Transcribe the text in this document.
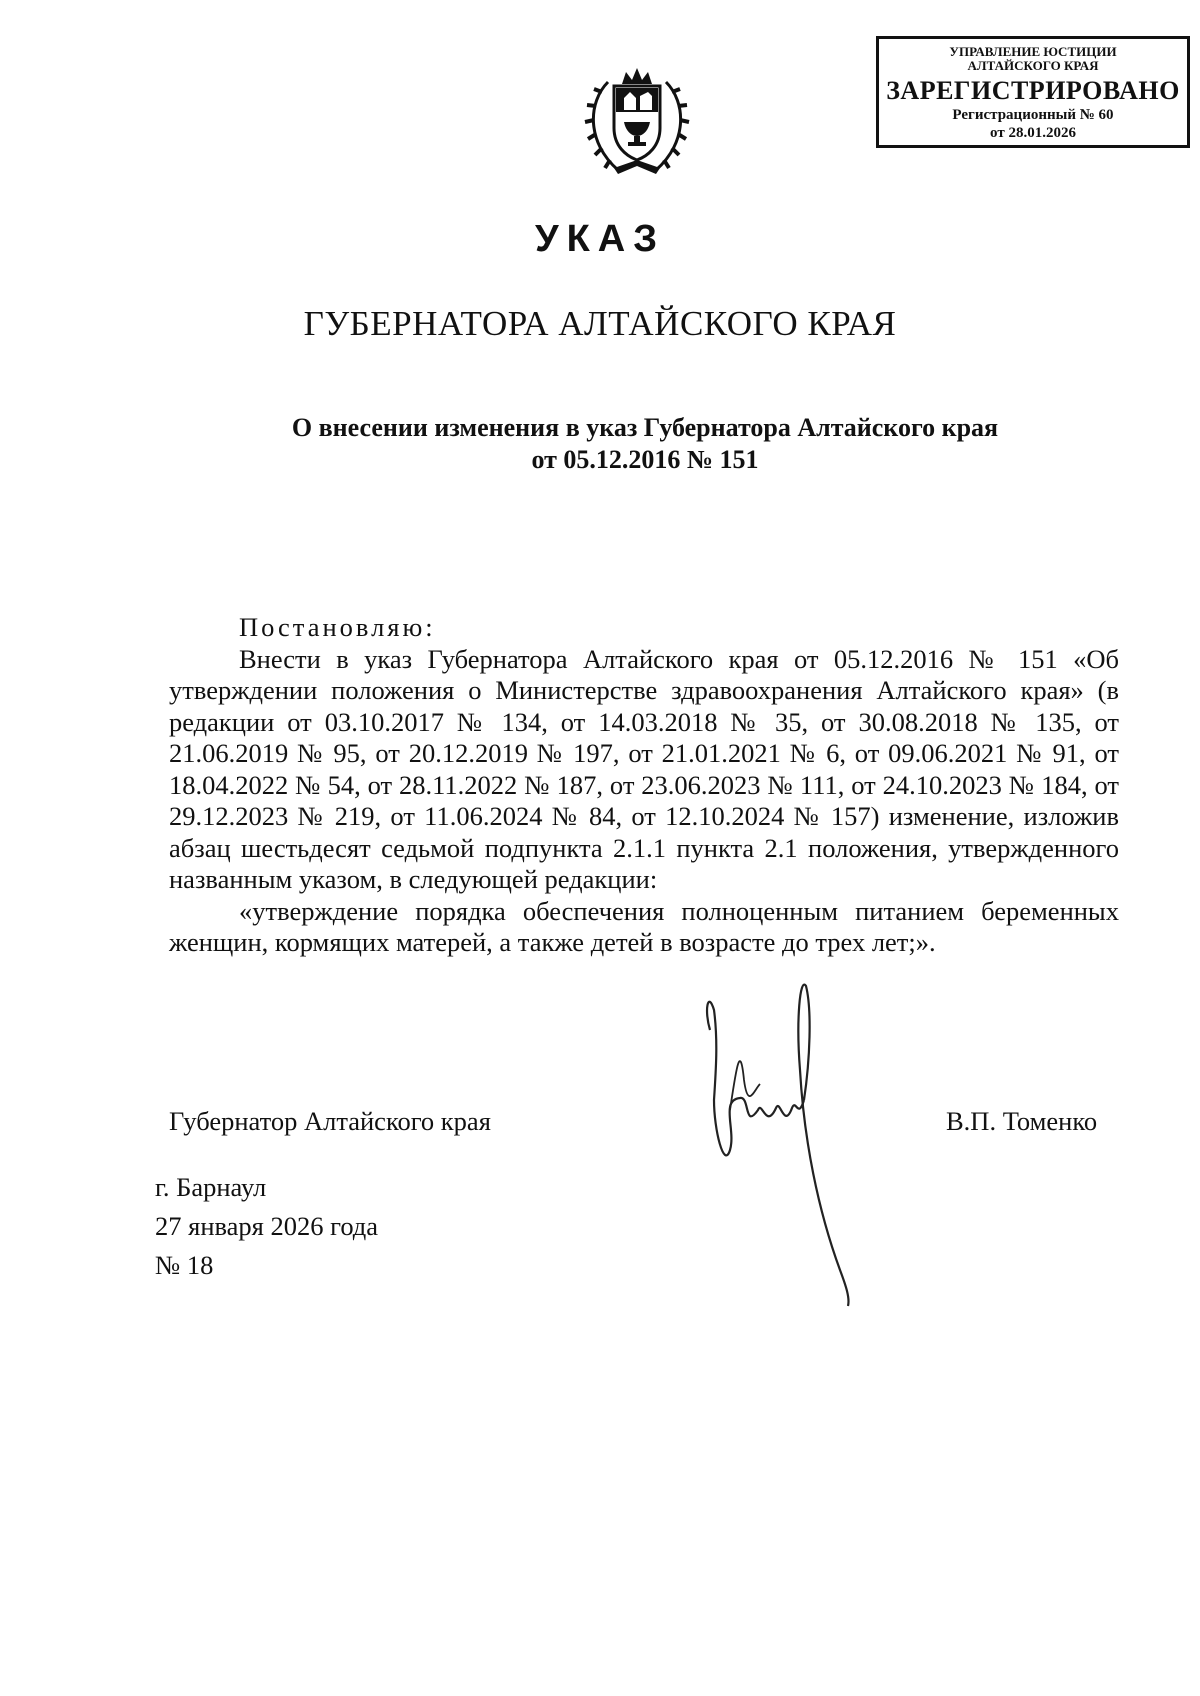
УПРАВЛЕНИЕ ЮСТИЦИИ
АЛТАЙСКОГО КРАЯ
ЗАРЕГИСТРИРОВАНО
Регистрационный № 60
от 28.01.2026
УКАЗ
ГУБЕРНАТОРА АЛТАЙСКОГО КРАЯ
О внесении изменения в указ Губернатора Алтайского края
от 05.12.2016 № 151
Постановляю:

Внести в указ Губернатора Алтайского края от 05.12.2016 № 151 «Об утверждении положения о Министерстве здравоохранения Алтайского края» (в редакции от 03.10.2017 № 134, от 14.03.2018 № 35, от 30.08.2018 № 135, от 21.06.2019 № 95, от 20.12.2019 № 197, от 21.01.2021 № 6, от 09.06.2021 № 91, от 18.04.2022 № 54, от 28.11.2022 № 187, от 23.06.2023 № 111, от 24.10.2023 № 184, от 29.12.2023 № 219, от 11.06.2024 № 84, от 12.10.2024 № 157) изменение, изложив абзац шестьдесят седьмой подпункта 2.1.1 пункта 2.1 положения, утвержденного названным указом, в следующей редакции:

«утверждение порядка обеспечения полноценным питанием беременных женщин, кормящих матерей, а также детей в возрасте до трех лет;».

Губернатор Алтайского края	В.П. Томенко
г. Барнаул
27 января 2026 года
№ 18
